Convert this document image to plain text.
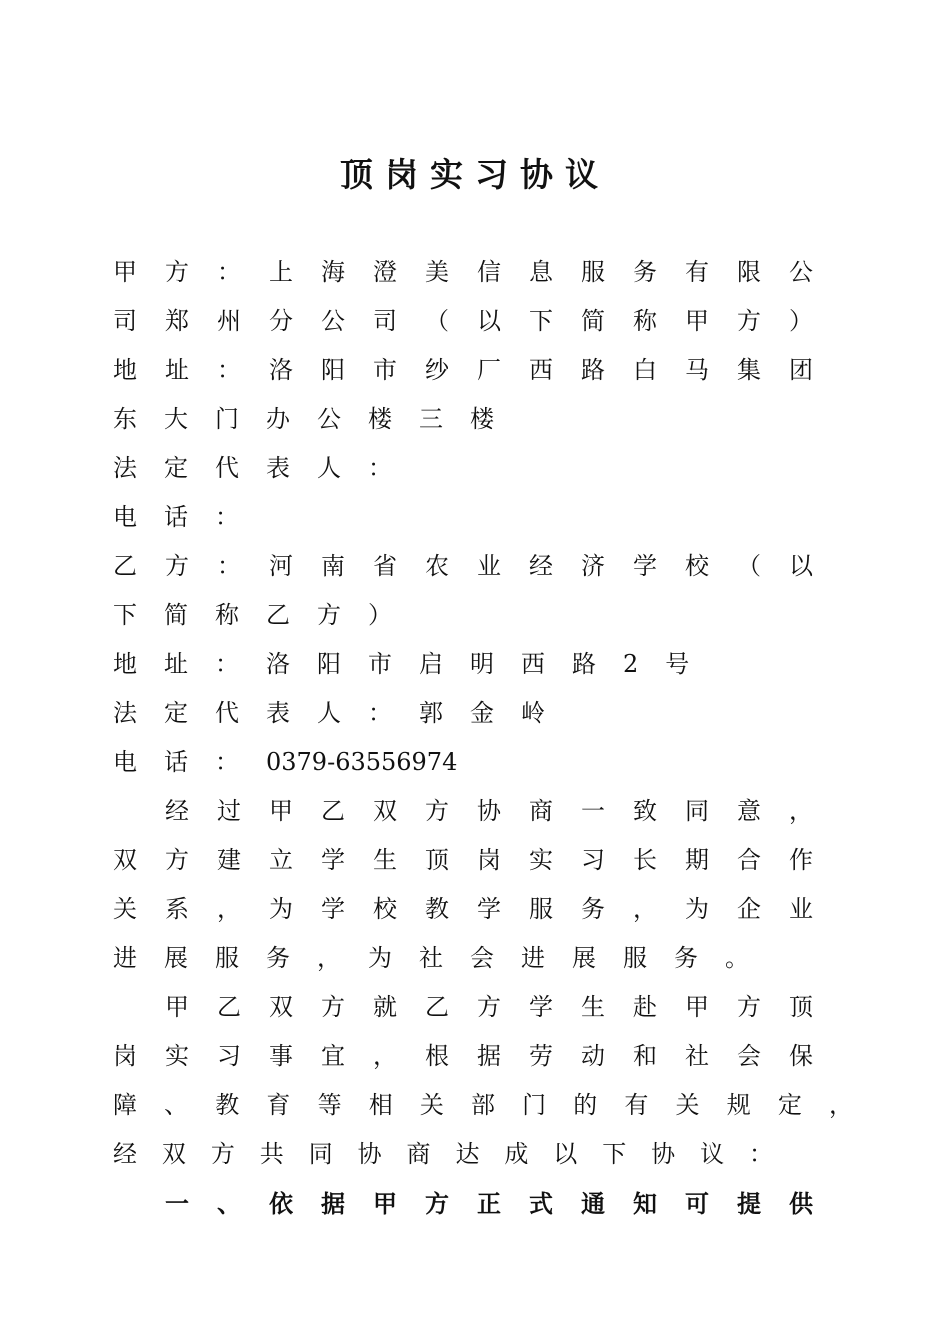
顶岗实习协议
甲 方 ： 上 海 澄 美 信 息 服 务 有 限 公
司 郑 州 分 公 司 （ 以 下 简 称 甲 方 ）
地 址 ： 洛 阳 市 纱 厂 西 路 白 马 集 团
东 大 门 办 公 楼 三 楼
法 定 代 表 人 ：
电 话 ：
乙 方 ： 河 南 省 农 业 经 济 学 校 （ 以
下 简 称 乙 方 ）
地 址 ： 洛 阳 市 启 明 西 路 2 号
法 定 代 表 人 ： 郭 金 岭
电 话 ： 0379-63556974
经 过 甲 乙 双 方 协 商 一 致 同 意 ，
双 方 建 立 学 生 顶 岗 实 习 长 期 合 作
关 系 ， 为 学 校 教 学 服 务 ， 为 企 业
进 展 服 务 ， 为 社 会 进 展 服 务 。
甲 乙 双 方 就 乙 方 学 生 赴 甲 方 顶
岗 实 习 事 宜 ， 根 据 劳 动 和 社 会 保
障 、 教 育 等 相 关 部 门 的 有 关 规 定 ，
经 双 方 共 同 协 商 达 成 以 下 协 议 ：
一 、 依 据 甲 方 正 式 通 知 可 提 供
